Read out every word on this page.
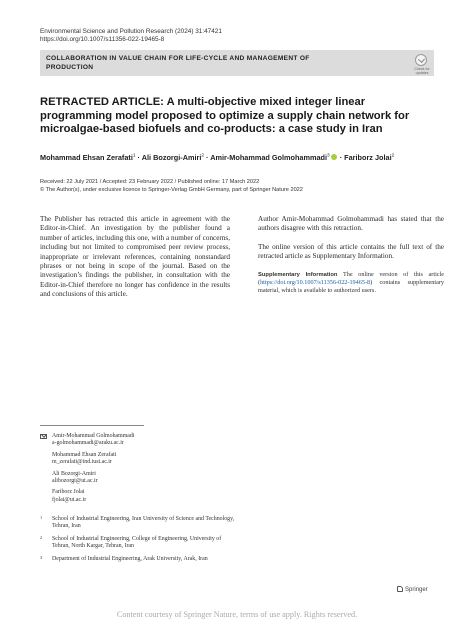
Environmental Science and Pollution Research (2024) 31:47421
https://doi.org/10.1007/s11356-022-19465-8
COLLABORATION IN VALUE CHAIN FOR LIFE-CYCLE AND MANAGEMENT OF PRODUCTION	Check for updates
RETRACTED ARTICLE: A multi-objective mixed integer linear programming model proposed to optimize a supply chain network for microalgae-based biofuels and co-products: a case study in Iran
Mohammad Ehsan Zerafati$^1$ · Ali Bozorgi-Amiri$^2$ · Amir-Mohammad Golmohammadi$^3$ · Fariborz Jolai$^2$
Received: 22 July 2021 / Accepted: 23 February 2022 / Published online: 17 March 2022
© The Author(s), under exclusive licence to Springer-Verlag GmbH Germany, part of Springer Nature 2022

The Publisher has retracted this article in agreement with the Editor-in-Chief. An investigation by the publisher found a number of articles, including this one, with a number of concerns, including but not limited to compromised peer review process, inappropriate or irrelevant references, containing nonstandard phrases or not being in scope of the journal. Based on the investigation’s findings the publisher, in consultation with the Editor-in-Chief therefore no longer has confidence in the results and conclusions of this article.

Author Amir-Mohammad Golmohammadi has stated that the authors disagree with this retraction.

The online version of this article contains the full text of the retracted article as Supplementary Information.

Supplementary Information The online version of this article (https://doi.org/10.1007/s11356-022-19465-8) contains supplementary material, which is available to authorized users.
Amir-Mohammad Golmohammadi
a-golmohammadi@araku.ac.ir
Mohammad Ehsan Zerafati
m_zerafati@ind.iust.ac.ir
Ali Bozorgi-Amiri
alibozorgi@ut.ac.ir
Fariborz Jolai
fjolai@ut.ac.ir
1 School of Industrial Engineering, Iran University of Science and Technology, Tehran, Iran
2 School of Industrial Engineering, College of Engineering, University of Tehran, North Kargar, Tehran, Iran
3 Department of Industrial Engineering, Arak University, Arak, Iran
Springer
Content courtesy of Springer Nature, terms of use apply. Rights reserved.
